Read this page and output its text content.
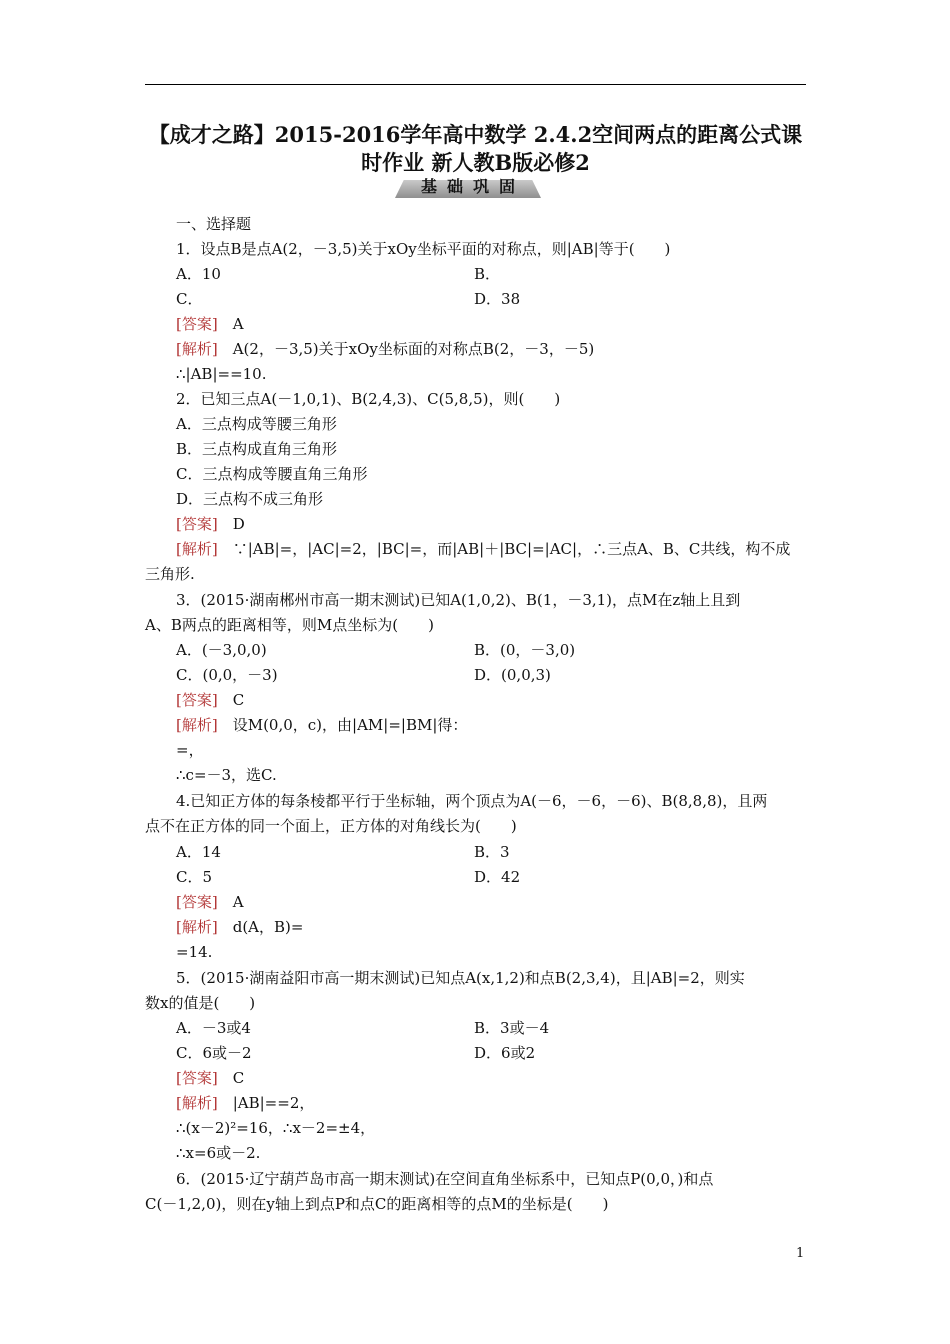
【成才之路】2015-2016学年高中数学 2.4.2空间两点的距离公式课
时作业 新人教B版必修2
基础巩固
一、选择题
1．设点B是点A(2，－3,5)关于xOy坐标平面的对称点，则|AB|等于(　　)
A．10	B．
C．	D．38
[答案]　A
[解析]　A(2，－3,5)关于xOy坐标面的对称点B(2，－3，－5)
∴|AB|==10.
2．已知三点A(－1,0,1)、B(2,4,3)、C(5,8,5)，则(　　)
A．三点构成等腰三角形
B．三点构成直角三角形
C．三点构成等腰直角三角形
D．三点构不成三角形
[答案]　D
[解析]　∵|AB|=，|AC|=2，|BC|=，而|AB|＋|BC|=|AC|，∴三点A、B、C共线，构不成
三角形.
3．(2015·湖南郴州市高一期末测试)已知A(1,0,2)、B(1，－3,1)，点M在z轴上且到
A、B两点的距离相等，则M点坐标为(　　)
A．(－3,0,0)	B．(0，－3,0)
C．(0,0，－3)	D．(0,0,3)
[答案]　C
[解析]　设M(0,0，c)，由|AM|=|BM|得：
=，
∴c=－3，选C.
4.已知正方体的每条棱都平行于坐标轴，两个顶点为A(－6，－6，－6)、B(8,8,8)，且两
点不在正方体的同一个面上，正方体的对角线长为(　　)
A．14	B．3
C．5	D．42
[答案]　A
[解析]　d(A，B)=
=14.
5．(2015·湖南益阳市高一期末测试)已知点A(x,1,2)和点B(2,3,4)，且|AB|=2，则实
数x的值是(　　)
A．－3或4	B．3或－4
C．6或－2	D．6或2
[答案]　C
[解析]　|AB|==2，
∴(x－2)²=16，∴x－2=±4，
∴x=6或－2.
6．(2015·辽宁葫芦岛市高一期末测试)在空间直角坐标系中，已知点P(0,0，)和点
C(－1,2,0)，则在y轴上到点P和点C的距离相等的点M的坐标是(　　)
1
